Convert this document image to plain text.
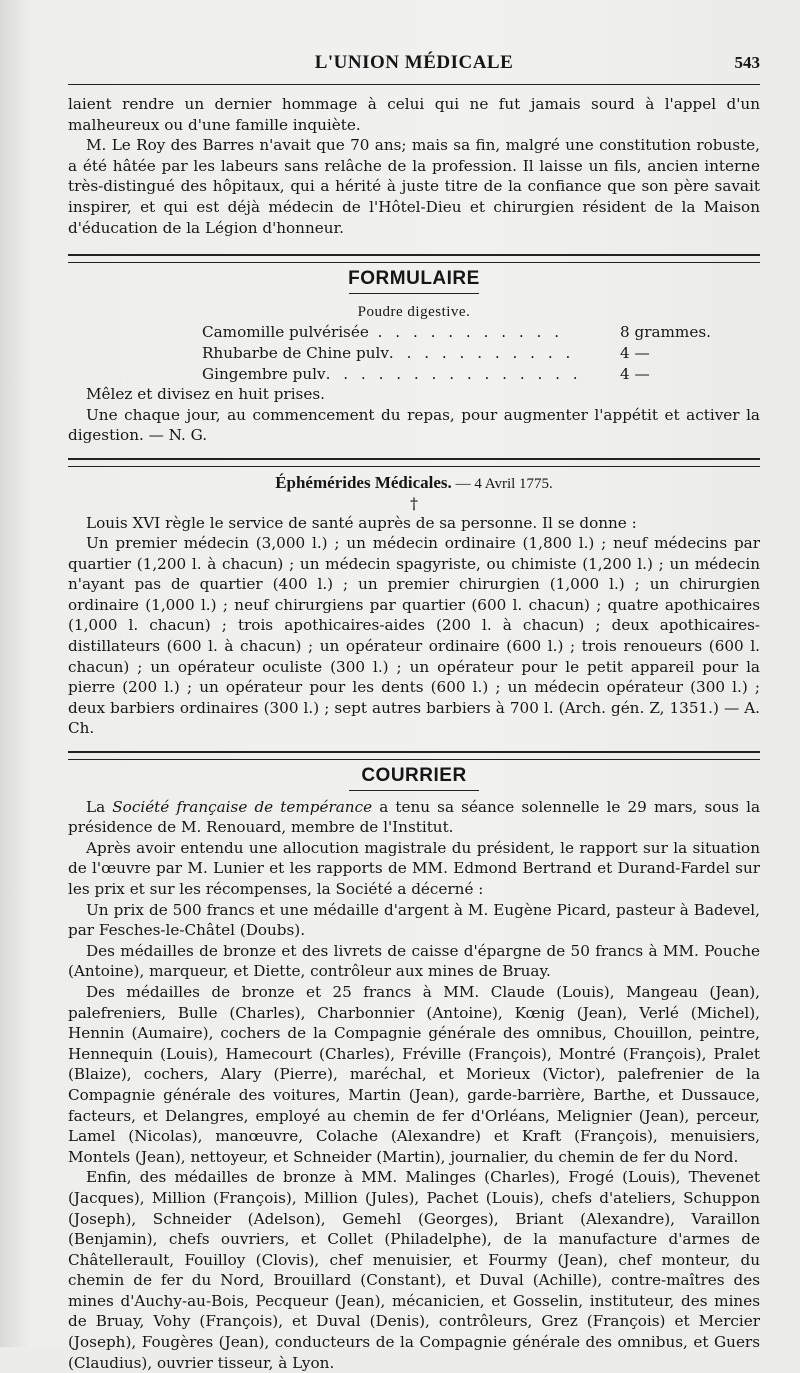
L'UNION MÉDICALE	543

laient rendre un dernier hommage à celui qui ne fut jamais sourd à l'appel d'un malheureux ou d'une famille inquiète.

M. Le Roy des Barres n'avait que 70 ans; mais sa fin, malgré une constitution robuste, a été hâtée par les labeurs sans relâche de la profession. Il laisse un fils, ancien interne très-distingué des hôpitaux, qui a hérité à juste titre de la confiance que son père savait inspirer, et qui est déjà médecin de l'Hôtel-Dieu et chirurgien résident de la Maison d'éducation de la Légion d'honneur.

FORMULAIRE
Poudre digestive.
Camomille pulvérisée . . . . . . . . . . .	8 grammes.
Rhubarbe de Chine pulv. . . . . . . . . . .	4 —
Gingembre pulv. . . . . . . . . . . . . . .	4 —

Mêlez et divisez en huit prises.

Une chaque jour, au commencement du repas, pour augmenter l'appétit et activer la digestion. — N. G.

Éphémérides Médicales. — 4 Avril 1775.
†

Louis XVI règle le service de santé auprès de sa personne. Il se donne :

Un premier médecin (3,000 l.) ; un médecin ordinaire (1,800 l.) ; neuf médecins par quartier (1,200 l. à chacun) ; un médecin spagyriste, ou chimiste (1,200 l.) ; un médecin n'ayant pas de quartier (400 l.) ; un premier chirurgien (1,000 l.) ; un chirurgien ordinaire (1,000 l.) ; neuf chirurgiens par quartier (600 l. chacun) ; quatre apothicaires (1,000 l. chacun) ; trois apothicaires-aides (200 l. à chacun) ; deux apothicaires-distillateurs (600 l. à chacun) ; un opérateur ordinaire (600 l.) ; trois renoueurs (600 l. chacun) ; un opérateur oculiste (300 l.) ; un opérateur pour le petit appareil pour la pierre (200 l.) ; un opérateur pour les dents (600 l.) ; un médecin opérateur (300 l.) ; deux barbiers ordinaires (300 l.) ; sept autres barbiers à 700 l. (Arch. gén. Z, 1351.) — A. Ch.

COURRIER

La Société française de tempérance a tenu sa séance solennelle le 29 mars, sous la présidence de M. Renouard, membre de l'Institut.

Après avoir entendu une allocution magistrale du président, le rapport sur la situation de l'œuvre par M. Lunier et les rapports de MM. Edmond Bertrand et Durand-Fardel sur les prix et sur les récompenses, la Société a décerné :

Un prix de 500 francs et une médaille d'argent à M. Eugène Picard, pasteur à Badevel, par Fesches-le-Châtel (Doubs).

Des médailles de bronze et des livrets de caisse d'épargne de 50 francs à MM. Pouche (Antoine), marqueur, et Diette, contrôleur aux mines de Bruay.

Des médailles de bronze et 25 francs à MM. Claude (Louis), Mangeau (Jean), palefreniers, Bulle (Charles), Charbonnier (Antoine), Kœnig (Jean), Verlé (Michel), Hennin (Aumaire), cochers de la Compagnie générale des omnibus, Chouillon, peintre, Hennequin (Louis), Hamecourt (Charles), Fréville (François), Montré (François), Pralet (Blaize), cochers, Alary (Pierre), maréchal, et Morieux (Victor), palefrenier de la Compagnie générale des voitures, Martin (Jean), garde-barrière, Barthe, et Dussauce, facteurs, et Delangres, employé au chemin de fer d'Orléans, Melignier (Jean), perceur, Lamel (Nicolas), manœuvre, Colache (Alexandre) et Kraft (François), menuisiers, Montels (Jean), nettoyeur, et Schneider (Martin), journalier, du chemin de fer du Nord.

Enfin, des médailles de bronze à MM. Malinges (Charles), Frogé (Louis), Thevenet (Jacques), Million (François), Million (Jules), Pachet (Louis), chefs d'ateliers, Schuppon (Joseph), Schneider (Adelson), Gemehl (Georges), Briant (Alexandre), Varaillon (Benjamin), chefs ouvriers, et Collet (Philadelphe), de la manufacture d'armes de Châtellerault, Fouilloy (Clovis), chef menuisier, et Fourmy (Jean), chef monteur, du chemin de fer du Nord, Brouillard (Constant), et Duval (Achille), contre-maîtres des mines d'Auchy-au-Bois, Pecqueur (Jean), mécanicien, et Gosselin, instituteur, des mines de Bruay, Vohy (François), et Duval (Denis), contrôleurs, Grez (François) et Mercier (Joseph), Fougères (Jean), conducteurs de la Compagnie générale des omnibus, et Guers (Claudius), ouvrier tisseur, à Lyon.
